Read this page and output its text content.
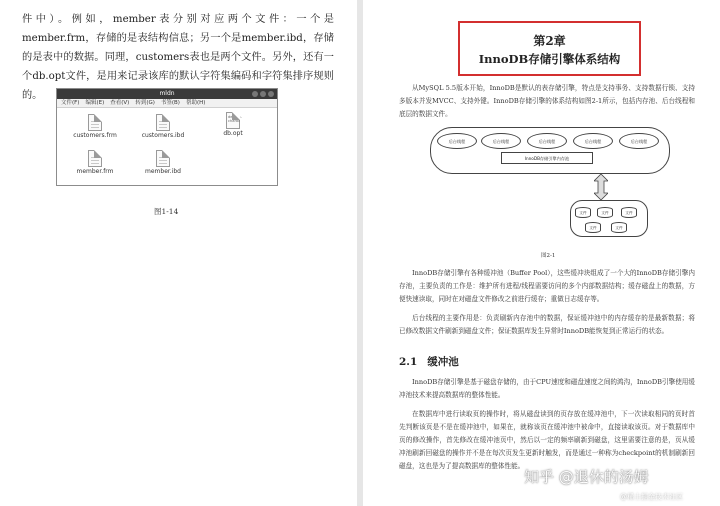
件中）。例如，member表分别对应两个文件：一个是member.frm，存储的是表结构信息；另一个是member.ibd，存储的是表中的数据。同理，customers表也是两个文件。另外，还有一个db.opt文件，是用来记录该库的默认字符集编码和字符集排序规则的。	mldn
文件(F) 编辑(E) 查看(V) 转到(G) 书签(B) 帮助(H)
customers.frm	customers.ibd
default- charac
db.opt
member.frm	member.ibd
图1-14
第2章
InnoDB存储引擎体系结构

从MySQL 5.5版本开始，InnoDB是默认的表存储引擎，特点是支持事务、支持数据行锁、支持多版本并发MVCC、支持外键。InnoDB存储引擎的体系结构如图2-1所示，包括内存池、后台线程和底层的数据文件。

后台线程	后台线程	后台线程	后台线程	后台线程
InnoDB存储引擎内存池
文件	文件	文件
文件	文件
图2-1

InnoDB存储引擎有各种缓冲池（Buffer Pool），这些缓冲块组成了一个大的InnoDB存储引擎内存池，主要负责的工作是：维护所有进程/线程需要访问的多个内部数据结构；缓存磁盘上的数据，方便快速读取，同时在对磁盘文件修改之前进行缓存；重做日志缓存等。

后台线程的主要作用是：负责刷新内存池中的数据，保证缓冲池中的内存缓存的是最新数据；将已修改数据文件刷新到磁盘文件；保证数据库发生异常时InnoDB能恢复到正常运行的状态。

2.1 缓冲池

InnoDB存储引擎是基于磁盘存储的，由于CPU速度和磁盘速度之间的鸿沟，InnoDB引擎使用缓冲池技术来提高数据库的整体性能。

在数据库中进行读取页的操作时，将从磁盘读到的页存放在缓冲池中，下一次读取相同的页时首先判断该页是不是在缓冲池中，如果在，就称该页在缓冲池中被命中，直接读取该页。对于数据库中页的修改操作，首先修改在缓冲池页中，然后以一定的频率刷新到磁盘，这里需要注意的是，页从缓冲池刷新回磁盘的操作并不是在每次页发生更新时触发，而是通过一种称为checkpoint的机制刷新回磁盘，这也是为了提高数据库的整体性能。

知乎 @退休的汤姆
@稀土掘金技术社区
